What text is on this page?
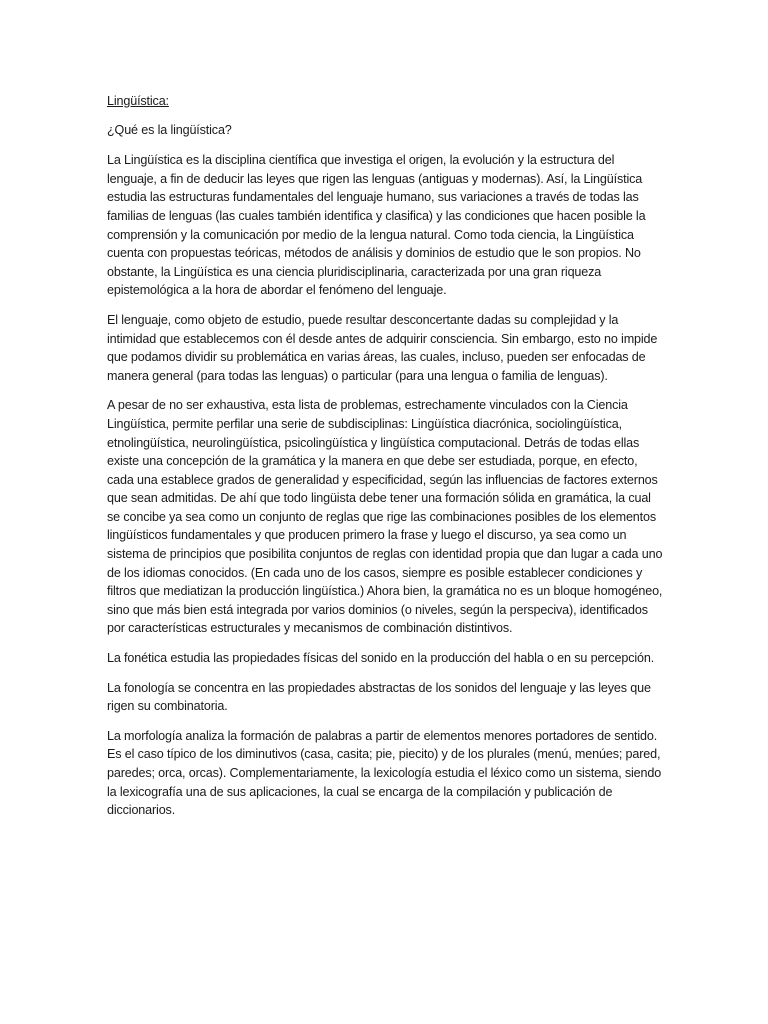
Lingüística:

¿Qué es la lingüística?

La Lingüística es la disciplina científica que investiga el origen, la evolución y la estructura del lenguaje, a fin de deducir las leyes que rigen las lenguas (antiguas y modernas). Así, la Lingüística estudia las estructuras fundamentales del lenguaje humano, sus variaciones a través de todas las familias de lenguas (las cuales también identifica y clasifica) y las condiciones que hacen posible la comprensión y la comunicación por medio de la lengua natural. Como toda ciencia, la Lingüística cuenta con propuestas teóricas, métodos de análisis y dominios de estudio que le son propios. No obstante, la Lingüística es una ciencia pluridisciplinaria, caracterizada por una gran riqueza epistemológica a la hora de abordar el fenómeno del lenguaje.

El lenguaje, como objeto de estudio, puede resultar desconcertante dadas su complejidad y la intimidad que establecemos con él desde antes de adquirir consciencia. Sin embargo, esto no impide que podamos dividir su problemática en varias áreas, las cuales, incluso, pueden ser enfocadas de manera general (para todas las lenguas) o particular (para una lengua o familia de lenguas).

A pesar de no ser exhaustiva, esta lista de problemas, estrechamente vinculados con la Ciencia Lingüística, permite perfilar una serie de subdisciplinas: Lingüística diacrónica, sociolingüística, etnolingüística, neurolingüística, psicolingüística y lingüística computacional. Detrás de todas ellas existe una concepción de la gramática y la manera en que debe ser estudiada, porque, en efecto, cada una establece grados de generalidad y especificidad, según las influencias de factores externos que sean admitidas. De ahí que todo lingüista debe tener una formación sólida en gramática, la cual se concibe ya sea como un conjunto de reglas que rige las combinaciones posibles de los elementos lingüísticos fundamentales y que producen primero la frase y luego el discurso, ya sea como un sistema de principios que posibilita conjuntos de reglas con identidad propia que dan lugar a cada uno de los idiomas conocidos. (En cada uno de los casos, siempre es posible establecer condiciones y filtros que mediatizan la producción lingüística.) Ahora bien, la gramática no es un bloque homogéneo, sino que más bien está integrada por varios dominios (o niveles, según la perspeciva), identificados por características estructurales y mecanismos de combinación distintivos.

La fonética estudia las propiedades físicas del sonido en la producción del habla o en su percepción.

La fonología se concentra en las propiedades abstractas de los sonidos del lenguaje y las leyes que rigen su combinatoria.

La morfología analiza la formación de palabras a partir de elementos menores portadores de sentido. Es el caso típico de los diminutivos (casa, casita; pie, piecito) y de los plurales (menú, menúes; pared, paredes; orca, orcas). Complementariamente, la lexicología estudia el léxico como un sistema, siendo la lexicografía una de sus aplicaciones, la cual se encarga de la compilación y publicación de diccionarios.
